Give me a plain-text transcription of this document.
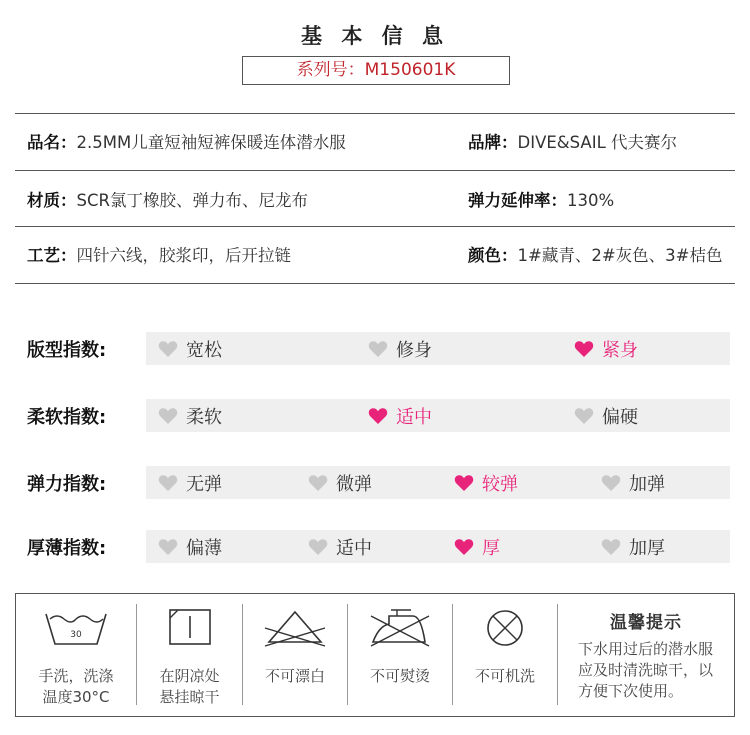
基 本 信 息
系列号：M150601K
品名：2.5MM儿童短袖短裤保暖连体潜水服	品牌：DIVE&SAIL 代夫赛尔
材质：SCR氯丁橡胶、弹力布、尼龙布	弹力延伸率：130%
工艺：四针六线，胶浆印，后开拉链	颜色：1#藏青、2#灰色、3#桔色
版型指数:	宽松	修身	紧身
柔软指数:	柔软	适中	偏硬
弹力指数:	无弹	微弹	较弹	加弹
厚薄指数:	偏薄	适中	厚	加厚
30
手洗，洗涤
温度30°C
在阴凉处
悬挂晾干
不可漂白	不可熨烫	不可机洗
温馨提示
下水用过后的潜水服应及时清洗晾干，以方便下次使用。
